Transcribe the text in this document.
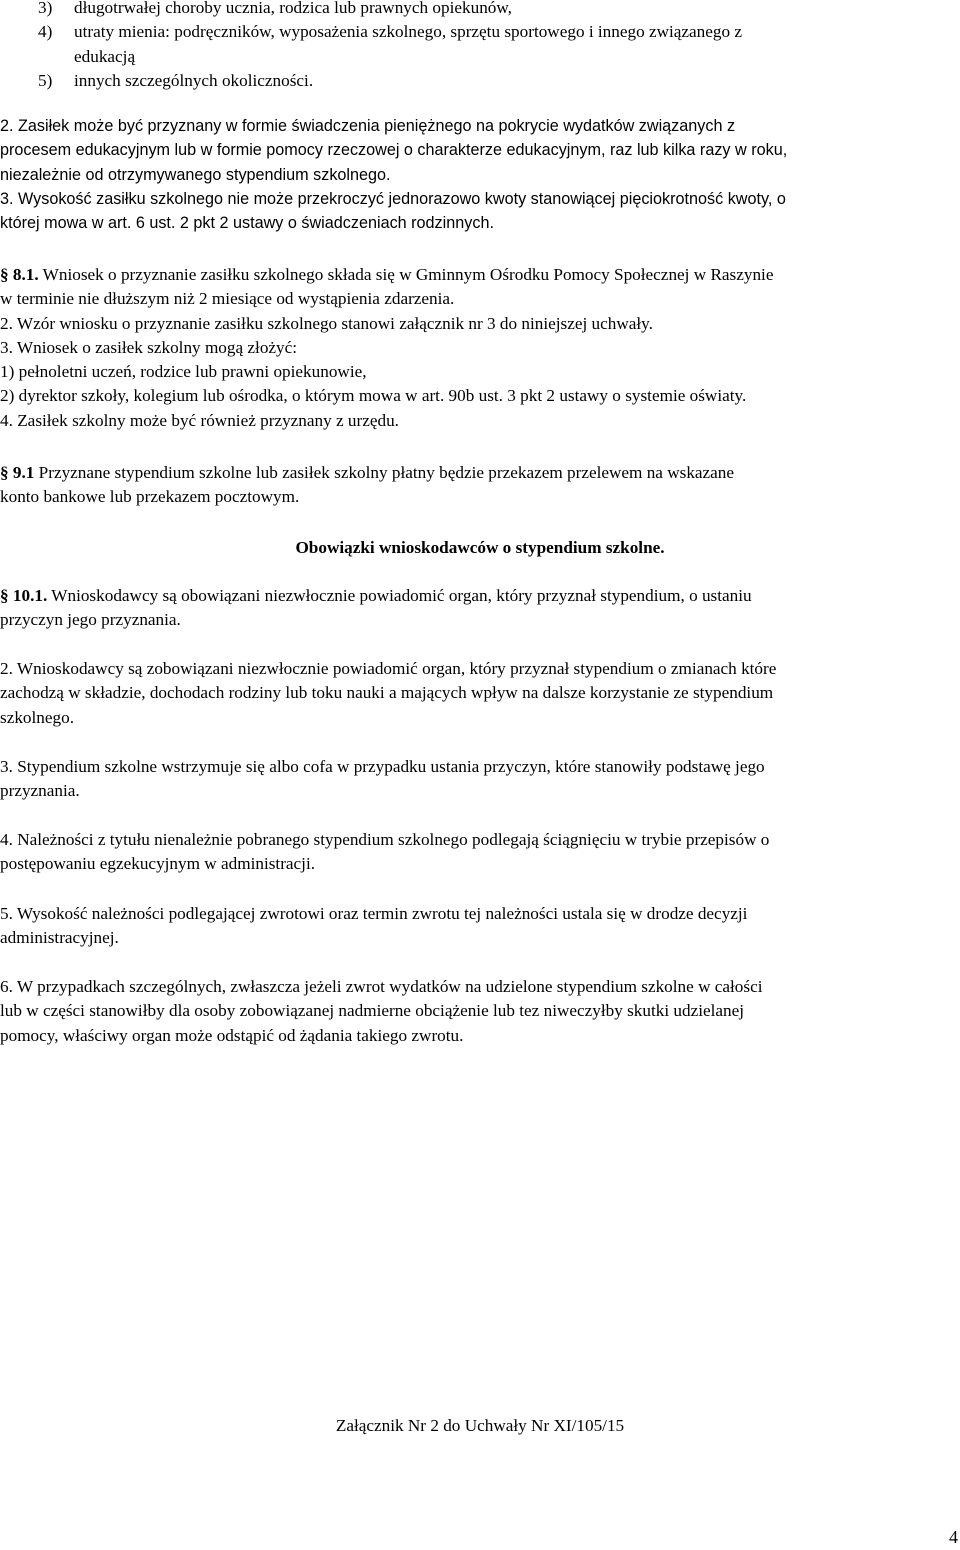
3) długotrwałej choroby ucznia, rodzica lub prawnych opiekunów,
4) utraty mienia: podręczników, wyposażenia szkolnego, sprzętu sportowego i innego związanego z
edukacją
5) innych szczególnych okoliczności.
2. Zasiłek może być przyznany w formie świadczenia pieniężnego na pokrycie wydatków związanych z
procesem edukacyjnym lub w formie pomocy rzeczowej o charakterze edukacyjnym, raz lub kilka razy w roku,
niezależnie od otrzymywanego stypendium szkolnego.
3. Wysokość zasiłku szkolnego nie może przekroczyć jednorazowo kwoty stanowiącej pięciokrotność kwoty, o
której mowa w art. 6 ust. 2 pkt 2 ustawy o świadczeniach rodzinnych.
§ 8.1. Wniosek o przyznanie zasiłku szkolnego składa się w Gminnym Ośrodku Pomocy Społecznej w Raszynie
w terminie nie dłuższym niż 2 miesiące od wystąpienia zdarzenia.
2. Wzór wniosku o przyznanie zasiłku szkolnego stanowi załącznik nr 3 do niniejszej uchwały.
3. Wniosek o zasiłek szkolny mogą złożyć:
1) pełnoletni uczeń, rodzice lub prawni opiekunowie,
2) dyrektor szkoły, kolegium lub ośrodka, o którym mowa w art. 90b ust. 3 pkt 2 ustawy o systemie oświaty.
4. Zasiłek szkolny może być również przyznany z urzędu.
§ 9.1 Przyznane stypendium szkolne lub zasiłek szkolny płatny będzie przekazem przelewem na wskazane
konto bankowe lub przekazem pocztowym.
Obowiązki wnioskodawców o stypendium szkolne.
§ 10.1. Wnioskodawcy są obowiązani niezwłocznie powiadomić organ, który przyznał stypendium, o ustaniu
przyczyn jego przyznania.
2. Wnioskodawcy są zobowiązani niezwłocznie powiadomić organ, który przyznał stypendium o zmianach które
zachodzą w składzie, dochodach rodziny lub toku nauki a mających wpływ na dalsze korzystanie ze stypendium
szkolnego.
3. Stypendium szkolne wstrzymuje się albo cofa w przypadku ustania przyczyn, które stanowiły podstawę jego
przyznania.
4. Należności z tytułu nienależnie pobranego stypendium szkolnego podlegają ściągnięciu w trybie przepisów o
postępowaniu egzekucyjnym w administracji.
5. Wysokość należności podlegającej zwrotowi oraz termin zwrotu tej należności ustala się w drodze decyzji
administracyjnej.
6. W przypadkach szczególnych, zwłaszcza jeżeli zwrot wydatków na udzielone stypendium szkolne w całości
lub w części stanowiłby dla osoby zobowiązanej nadmierne obciążenie lub tez niweczyłby skutki udzielanej
pomocy, właściwy organ może odstąpić od żądania takiego zwrotu.
Załącznik Nr 2 do Uchwały Nr XI/105/15
4
